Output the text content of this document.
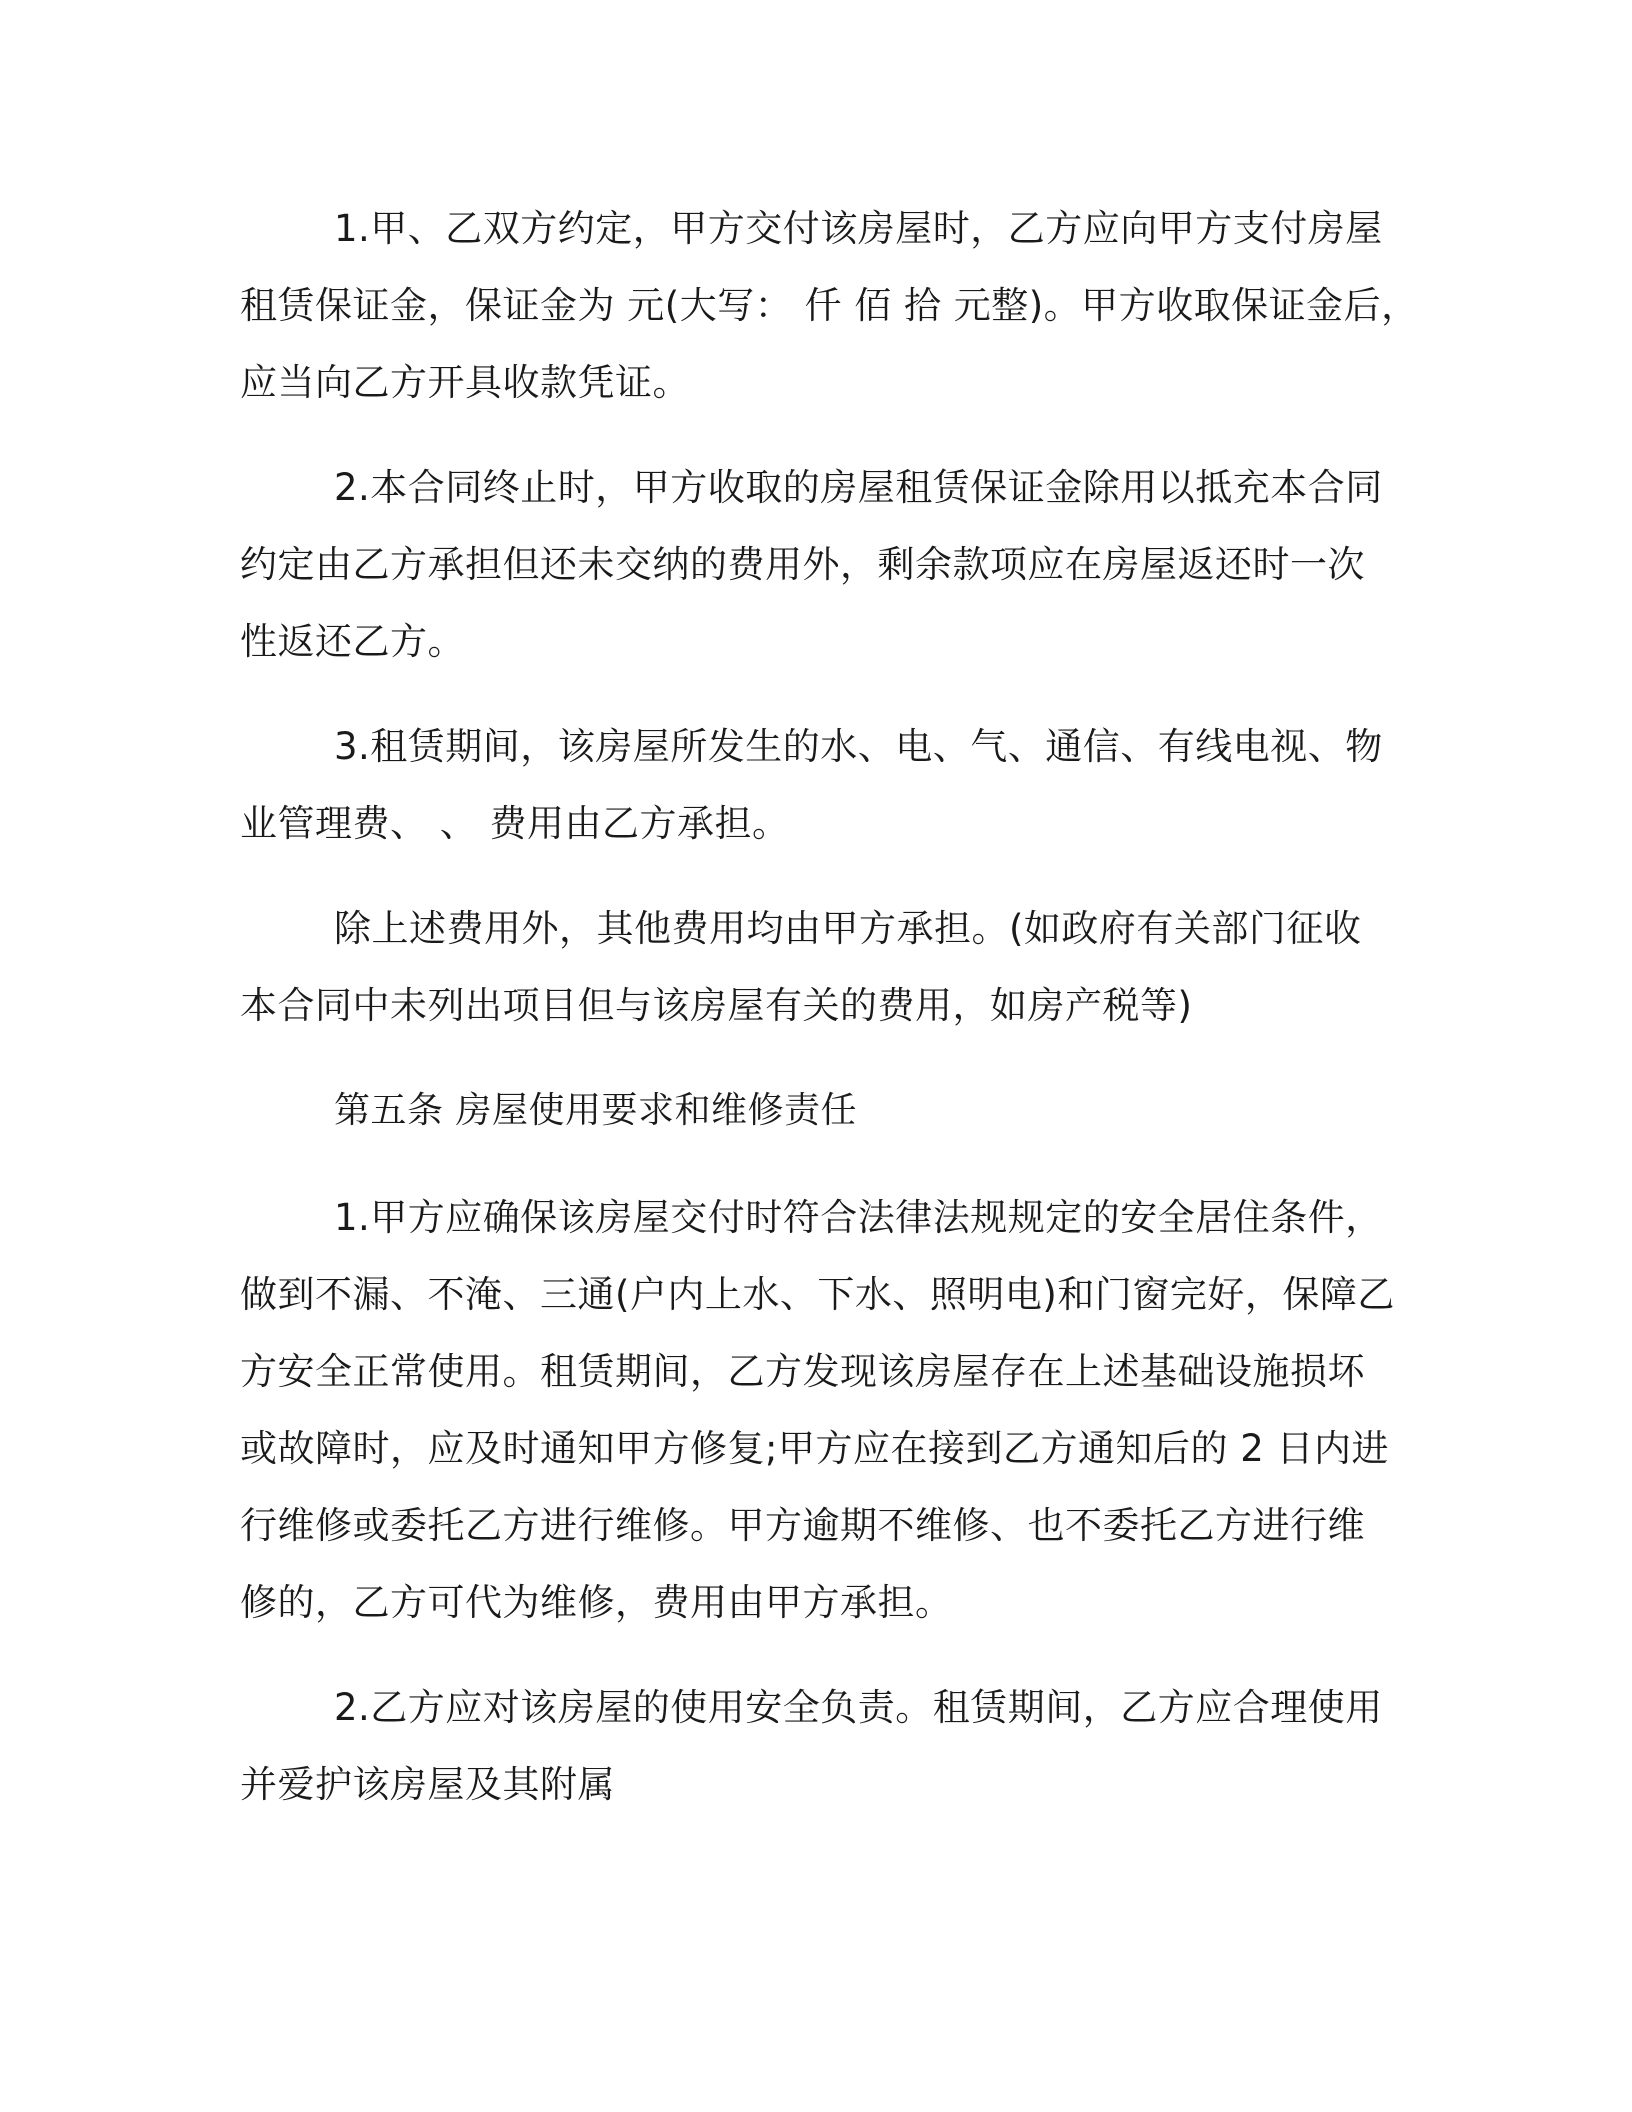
1.甲、乙双方约定，甲方交付该房屋时，乙方应向甲方支付房屋
租赁保证金，保证金为 元(大写： 仟 佰 拾 元整)。甲方收取保证金后，
应当向乙方开具收款凭证。
2.本合同终止时，甲方收取的房屋租赁保证金除用以抵充本合同
约定由乙方承担但还未交纳的费用外，剩余款项应在房屋返还时一次
性返还乙方。
3.租赁期间，该房屋所发生的水、电、气、通信、有线电视、物
业管理费、 、 费用由乙方承担。
除上述费用外，其他费用均由甲方承担。(如政府有关部门征收
本合同中未列出项目但与该房屋有关的费用，如房产税等)
第五条 房屋使用要求和维修责任
1.甲方应确保该房屋交付时符合法律法规规定的安全居住条件，
做到不漏、不淹、三通(户内上水、下水、照明电)和门窗完好，保障乙
方安全正常使用。租赁期间，乙方发现该房屋存在上述基础设施损坏
或故障时，应及时通知甲方修复;甲方应在接到乙方通知后的 2 日内进
行维修或委托乙方进行维修。甲方逾期不维修、也不委托乙方进行维
修的，乙方可代为维修，费用由甲方承担。
2.乙方应对该房屋的使用安全负责。租赁期间，乙方应合理使用
并爱护该房屋及其附属
